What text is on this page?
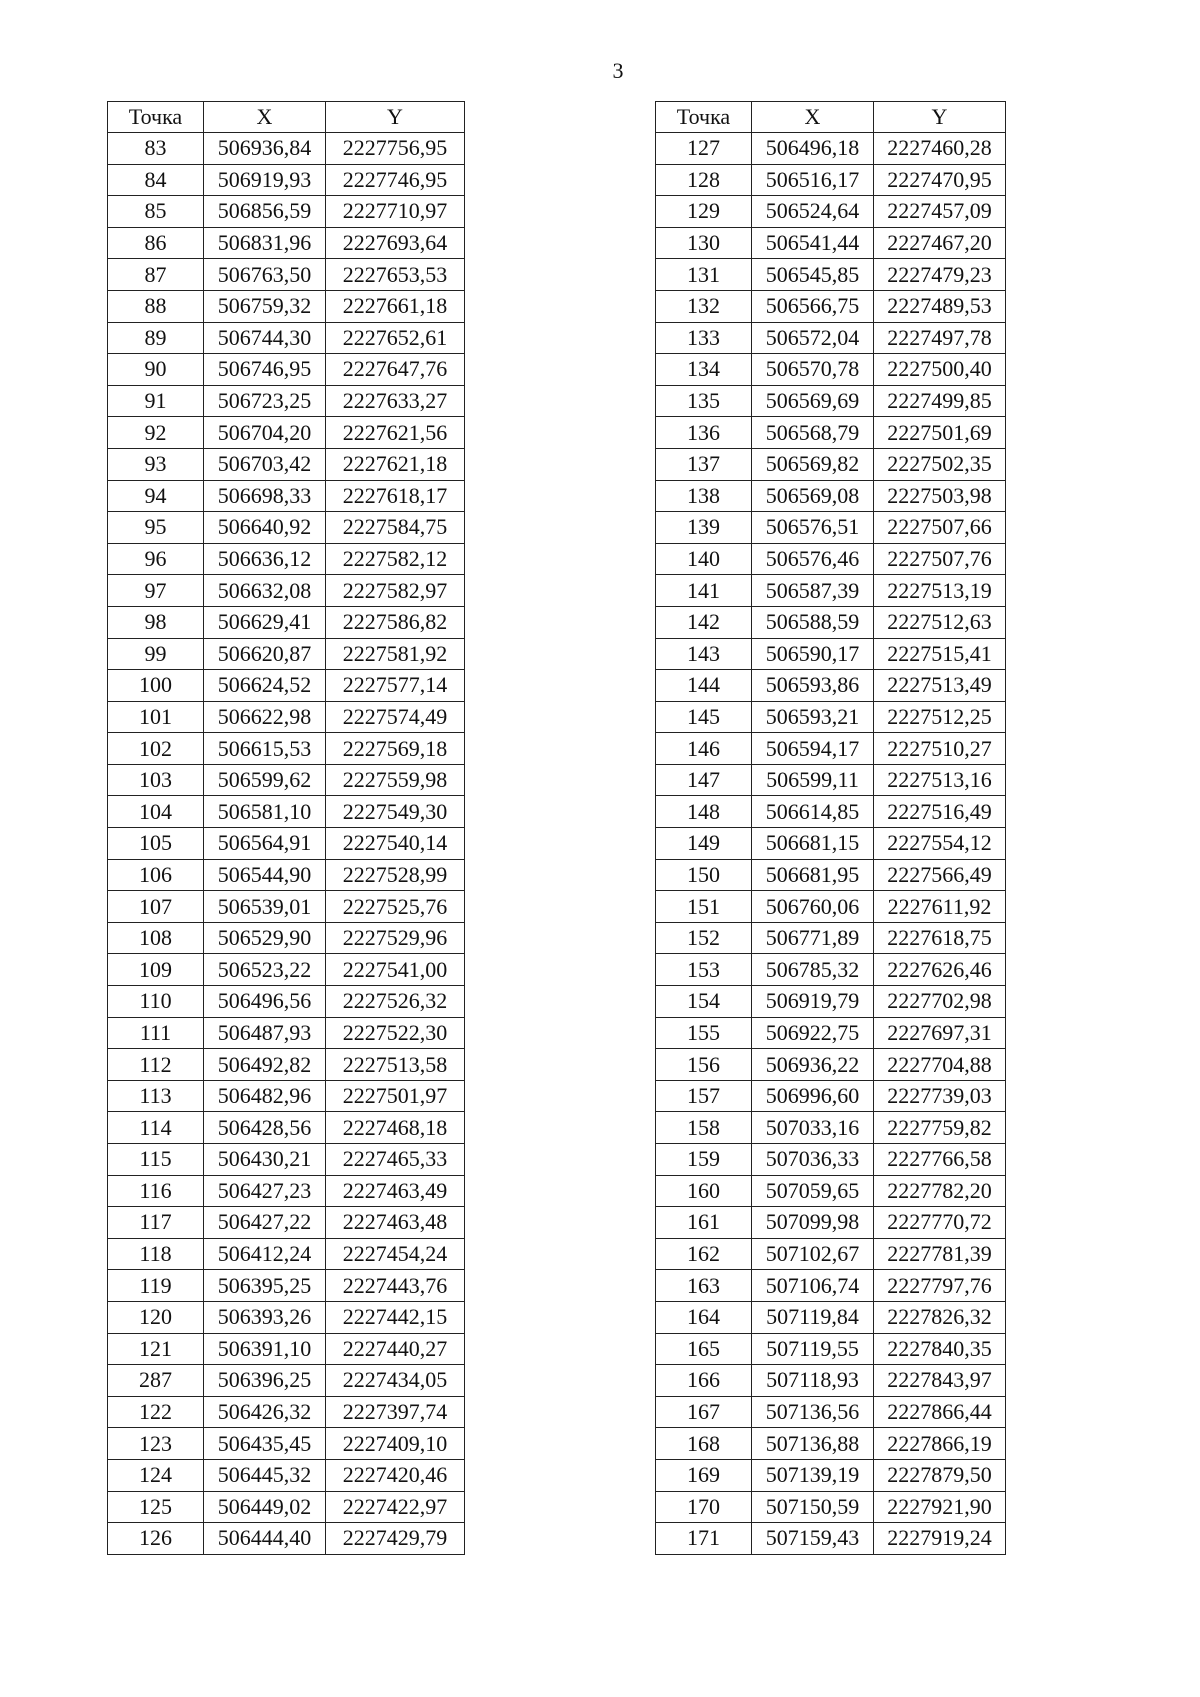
3
Точка	X	Y
83	506936,84	2227756,95
84	506919,93	2227746,95
85	506856,59	2227710,97
86	506831,96	2227693,64
87	506763,50	2227653,53
88	506759,32	2227661,18
89	506744,30	2227652,61
90	506746,95	2227647,76
91	506723,25	2227633,27
92	506704,20	2227621,56
93	506703,42	2227621,18
94	506698,33	2227618,17
95	506640,92	2227584,75
96	506636,12	2227582,12
97	506632,08	2227582,97
98	506629,41	2227586,82
99	506620,87	2227581,92
100	506624,52	2227577,14
101	506622,98	2227574,49
102	506615,53	2227569,18
103	506599,62	2227559,98
104	506581,10	2227549,30
105	506564,91	2227540,14
106	506544,90	2227528,99
107	506539,01	2227525,76
108	506529,90	2227529,96
109	506523,22	2227541,00
110	506496,56	2227526,32
111	506487,93	2227522,30
112	506492,82	2227513,58
113	506482,96	2227501,97
114	506428,56	2227468,18
115	506430,21	2227465,33
116	506427,23	2227463,49
117	506427,22	2227463,48
118	506412,24	2227454,24
119	506395,25	2227443,76
120	506393,26	2227442,15
121	506391,10	2227440,27
287	506396,25	2227434,05
122	506426,32	2227397,74
123	506435,45	2227409,10
124	506445,32	2227420,46
125	506449,02	2227422,97
126	506444,40	2227429,79
Точка	X	Y
127	506496,18	2227460,28
128	506516,17	2227470,95
129	506524,64	2227457,09
130	506541,44	2227467,20
131	506545,85	2227479,23
132	506566,75	2227489,53
133	506572,04	2227497,78
134	506570,78	2227500,40
135	506569,69	2227499,85
136	506568,79	2227501,69
137	506569,82	2227502,35
138	506569,08	2227503,98
139	506576,51	2227507,66
140	506576,46	2227507,76
141	506587,39	2227513,19
142	506588,59	2227512,63
143	506590,17	2227515,41
144	506593,86	2227513,49
145	506593,21	2227512,25
146	506594,17	2227510,27
147	506599,11	2227513,16
148	506614,85	2227516,49
149	506681,15	2227554,12
150	506681,95	2227566,49
151	506760,06	2227611,92
152	506771,89	2227618,75
153	506785,32	2227626,46
154	506919,79	2227702,98
155	506922,75	2227697,31
156	506936,22	2227704,88
157	506996,60	2227739,03
158	507033,16	2227759,82
159	507036,33	2227766,58
160	507059,65	2227782,20
161	507099,98	2227770,72
162	507102,67	2227781,39
163	507106,74	2227797,76
164	507119,84	2227826,32
165	507119,55	2227840,35
166	507118,93	2227843,97
167	507136,56	2227866,44
168	507136,88	2227866,19
169	507139,19	2227879,50
170	507150,59	2227921,90
171	507159,43	2227919,24
